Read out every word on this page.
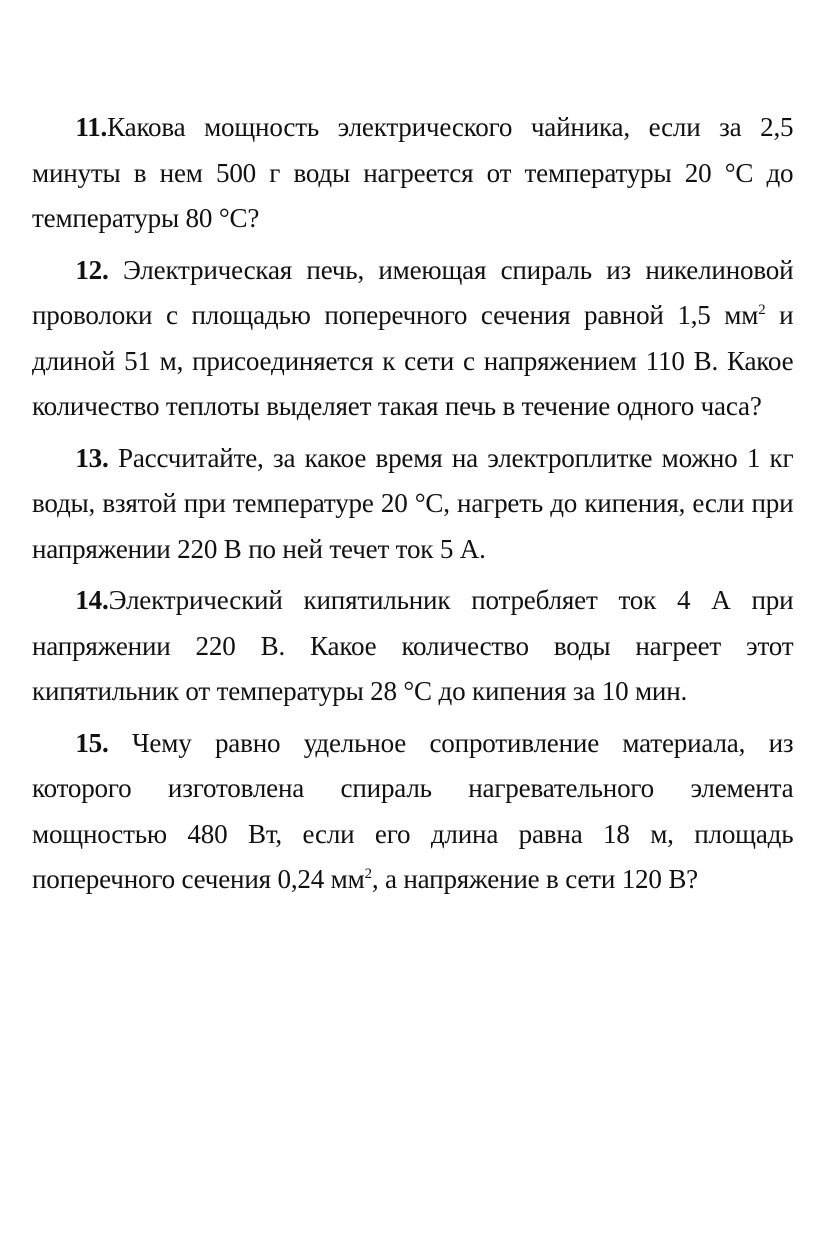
11.Какова мощность электрического чайника, если за 2,5 минуты в нем 500 г воды нагреется от температуры 20 °С до температуры 80 °С?

12. Электрическая печь, имеющая спираль из никелиновой проволоки с площадью поперечного сечения равной 1,5 $мм^2$ и длиной 51 м, присоединяется к сети с напряжением 110 В. Какое количество теплоты выделяет такая печь в течение одного часа?

13. Рассчитайте, за какое время на электроплитке можно 1 кг воды, взятой при температуре 20 °С, нагреть до кипения, если при напряжении 220 В по ней течет ток 5 А.

14.Электрический кипятильник потребляет ток 4 А при напряжении 220 В. Какое количество воды нагреет этот кипятильник от температуры 28 °С до кипения за 10 мин.

15. Чему равно удельное сопротивление материала, из которого изготовлена спираль нагревательного элемента мощностью 480 Вт, если его длина равна 18 м, площадь поперечного сечения 0,24 $мм^2$, а напряжение в сети 120 В?
